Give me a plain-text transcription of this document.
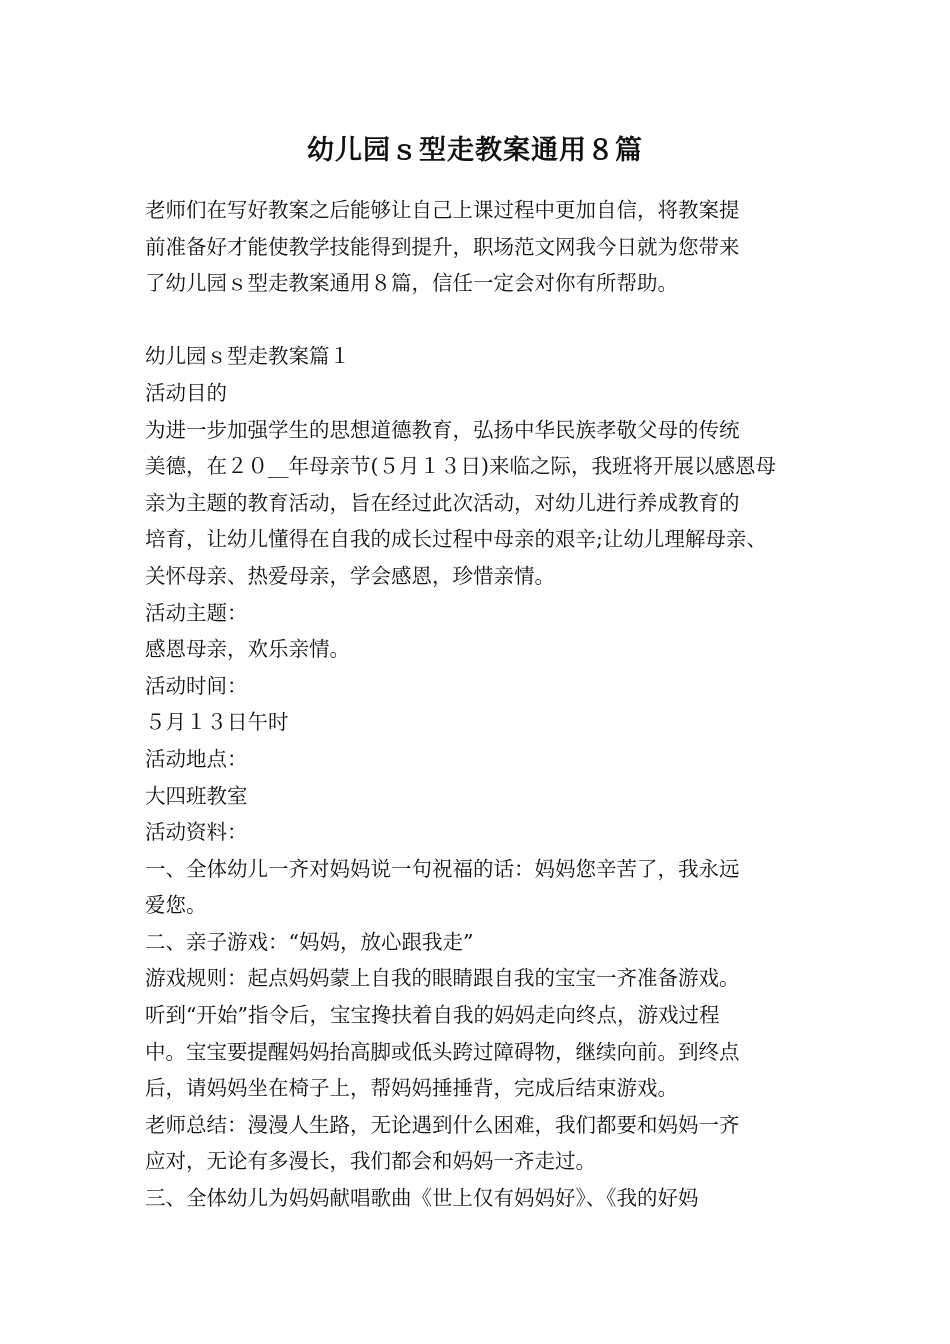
幼儿园ｓ型走教案通用８篇
老师们在写好教案之后能够让自己上课过程中更加自信，将教案提
前准备好才能使教学技能得到提升，职场范文网我今日就为您带来
了幼儿园ｓ型走教案通用８篇，信任一定会对你有所帮助。
幼儿园ｓ型走教案篇１
活动目的
为进一步加强学生的思想道德教育，弘扬中华民族孝敬父母的传统
美德，在２０__年母亲节(５月１３日)来临之际，我班将开展以感恩母
亲为主题的教育活动，旨在经过此次活动，对幼儿进行养成教育的
培育，让幼儿懂得在自我的成长过程中母亲的艰辛;让幼儿理解母亲、
关怀母亲、热爱母亲，学会感恩，珍惜亲情。
活动主题：
感恩母亲，欢乐亲情。
活动时间：
５月１３日午时
活动地点：
大四班教室
活动资料：
一、全体幼儿一齐对妈妈说一句祝福的话：妈妈您辛苦了，我永远
爱您。
二、亲子游戏：“妈妈，放心跟我走”
游戏规则：起点妈妈蒙上自我的眼睛跟自我的宝宝一齐准备游戏。
听到“开始”指令后，宝宝搀扶着自我的妈妈走向终点，游戏过程
中。宝宝要提醒妈妈抬高脚或低头跨过障碍物，继续向前。到终点
后，请妈妈坐在椅子上，帮妈妈捶捶背，完成后结束游戏。
老师总结：漫漫人生路，无论遇到什么困难，我们都要和妈妈一齐
应对，无论有多漫长，我们都会和妈妈一齐走过。
三、全体幼儿为妈妈献唱歌曲《世上仅有妈妈好》、《我的好妈
